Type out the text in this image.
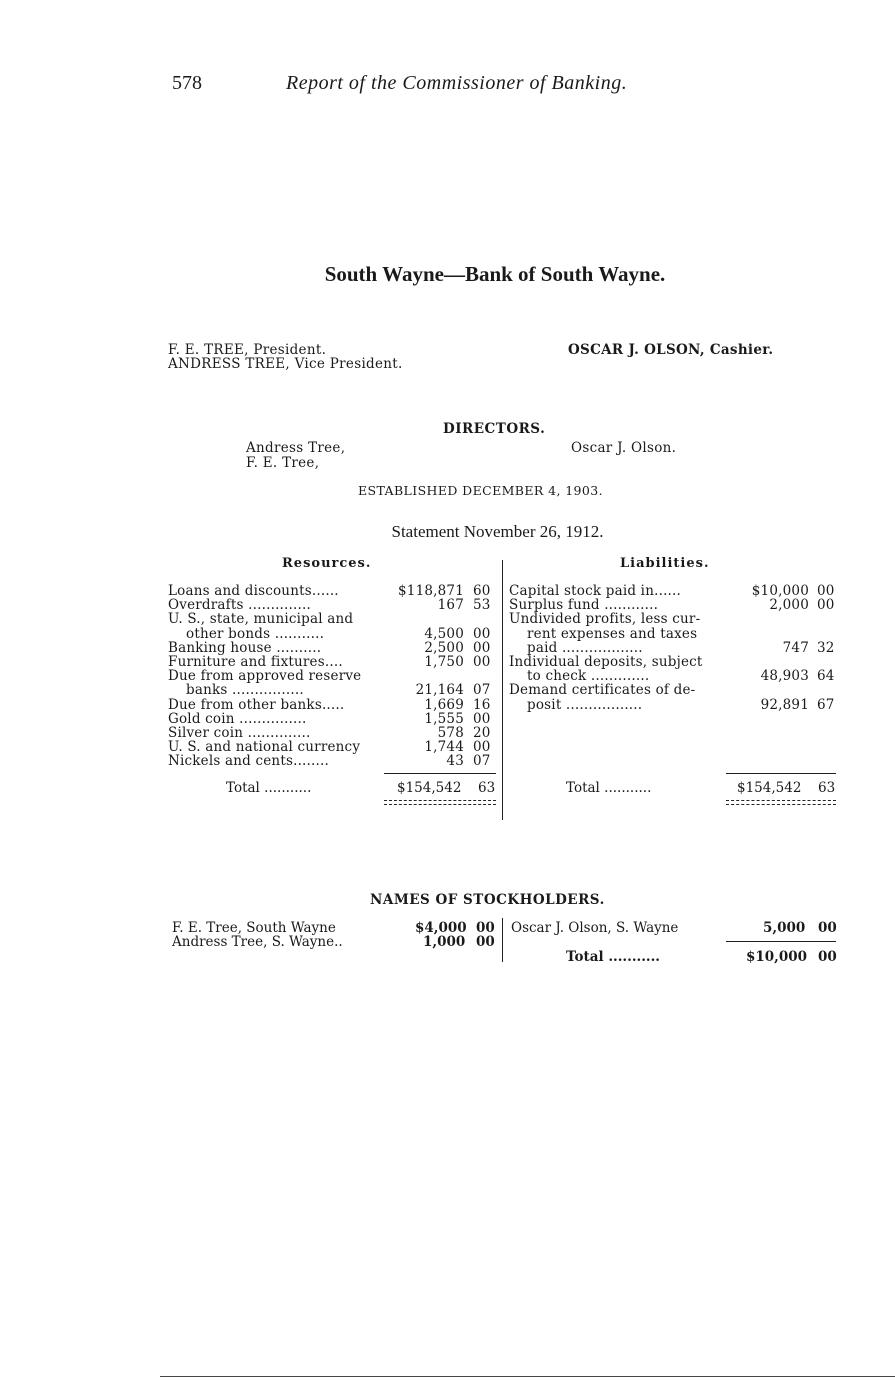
578	Report of the Commissioner of Banking.
South Wayne—Bank of South Wayne.
F. E. TREE, President.
ANDRESS TREE, Vice President.
OSCAR J. OLSON, Cashier.
DIRECTORS.
Andress Tree,
F. E. Tree,
Oscar J. Olson.
ESTABLISHED DECEMBER 4, 1903.
Statement November 26, 1912.
Resources.	Liabilities.
Loans and discounts......	$118,871 60
Overdrafts ..............	167 53
U. S., state, municipal and
other bonds ...........	4,500 00
Banking house ..........	2,500 00
Furniture and fixtures....	1,750 00
Due from approved reserve
banks ................	21,164 07
Due from other banks.....	1,669 16
Gold coin ...............	1,555 00
Silver coin ..............	578 20
U. S. and national currency	1,744 00
Nickels and cents........	43 07
Total ...........	$154,542 63
Capital stock paid in......	$10,000 00
Surplus fund ............	2,000 00
Undivided profits, less cur-
rent expenses and taxes
paid ..................	747 32
Individual deposits, subject
to check .............	48,903 64
Demand certificates of de-
posit .................	92,891 67
Total ...........	$154,542 63
NAMES OF STOCKHOLDERS.
F. E. Tree, South Wayne	$4,000 00
Andress Tree, S. Wayne..	1,000 00
Oscar J. Olson, S. Wayne	5,000 00
Total ...........	$10,000 00
